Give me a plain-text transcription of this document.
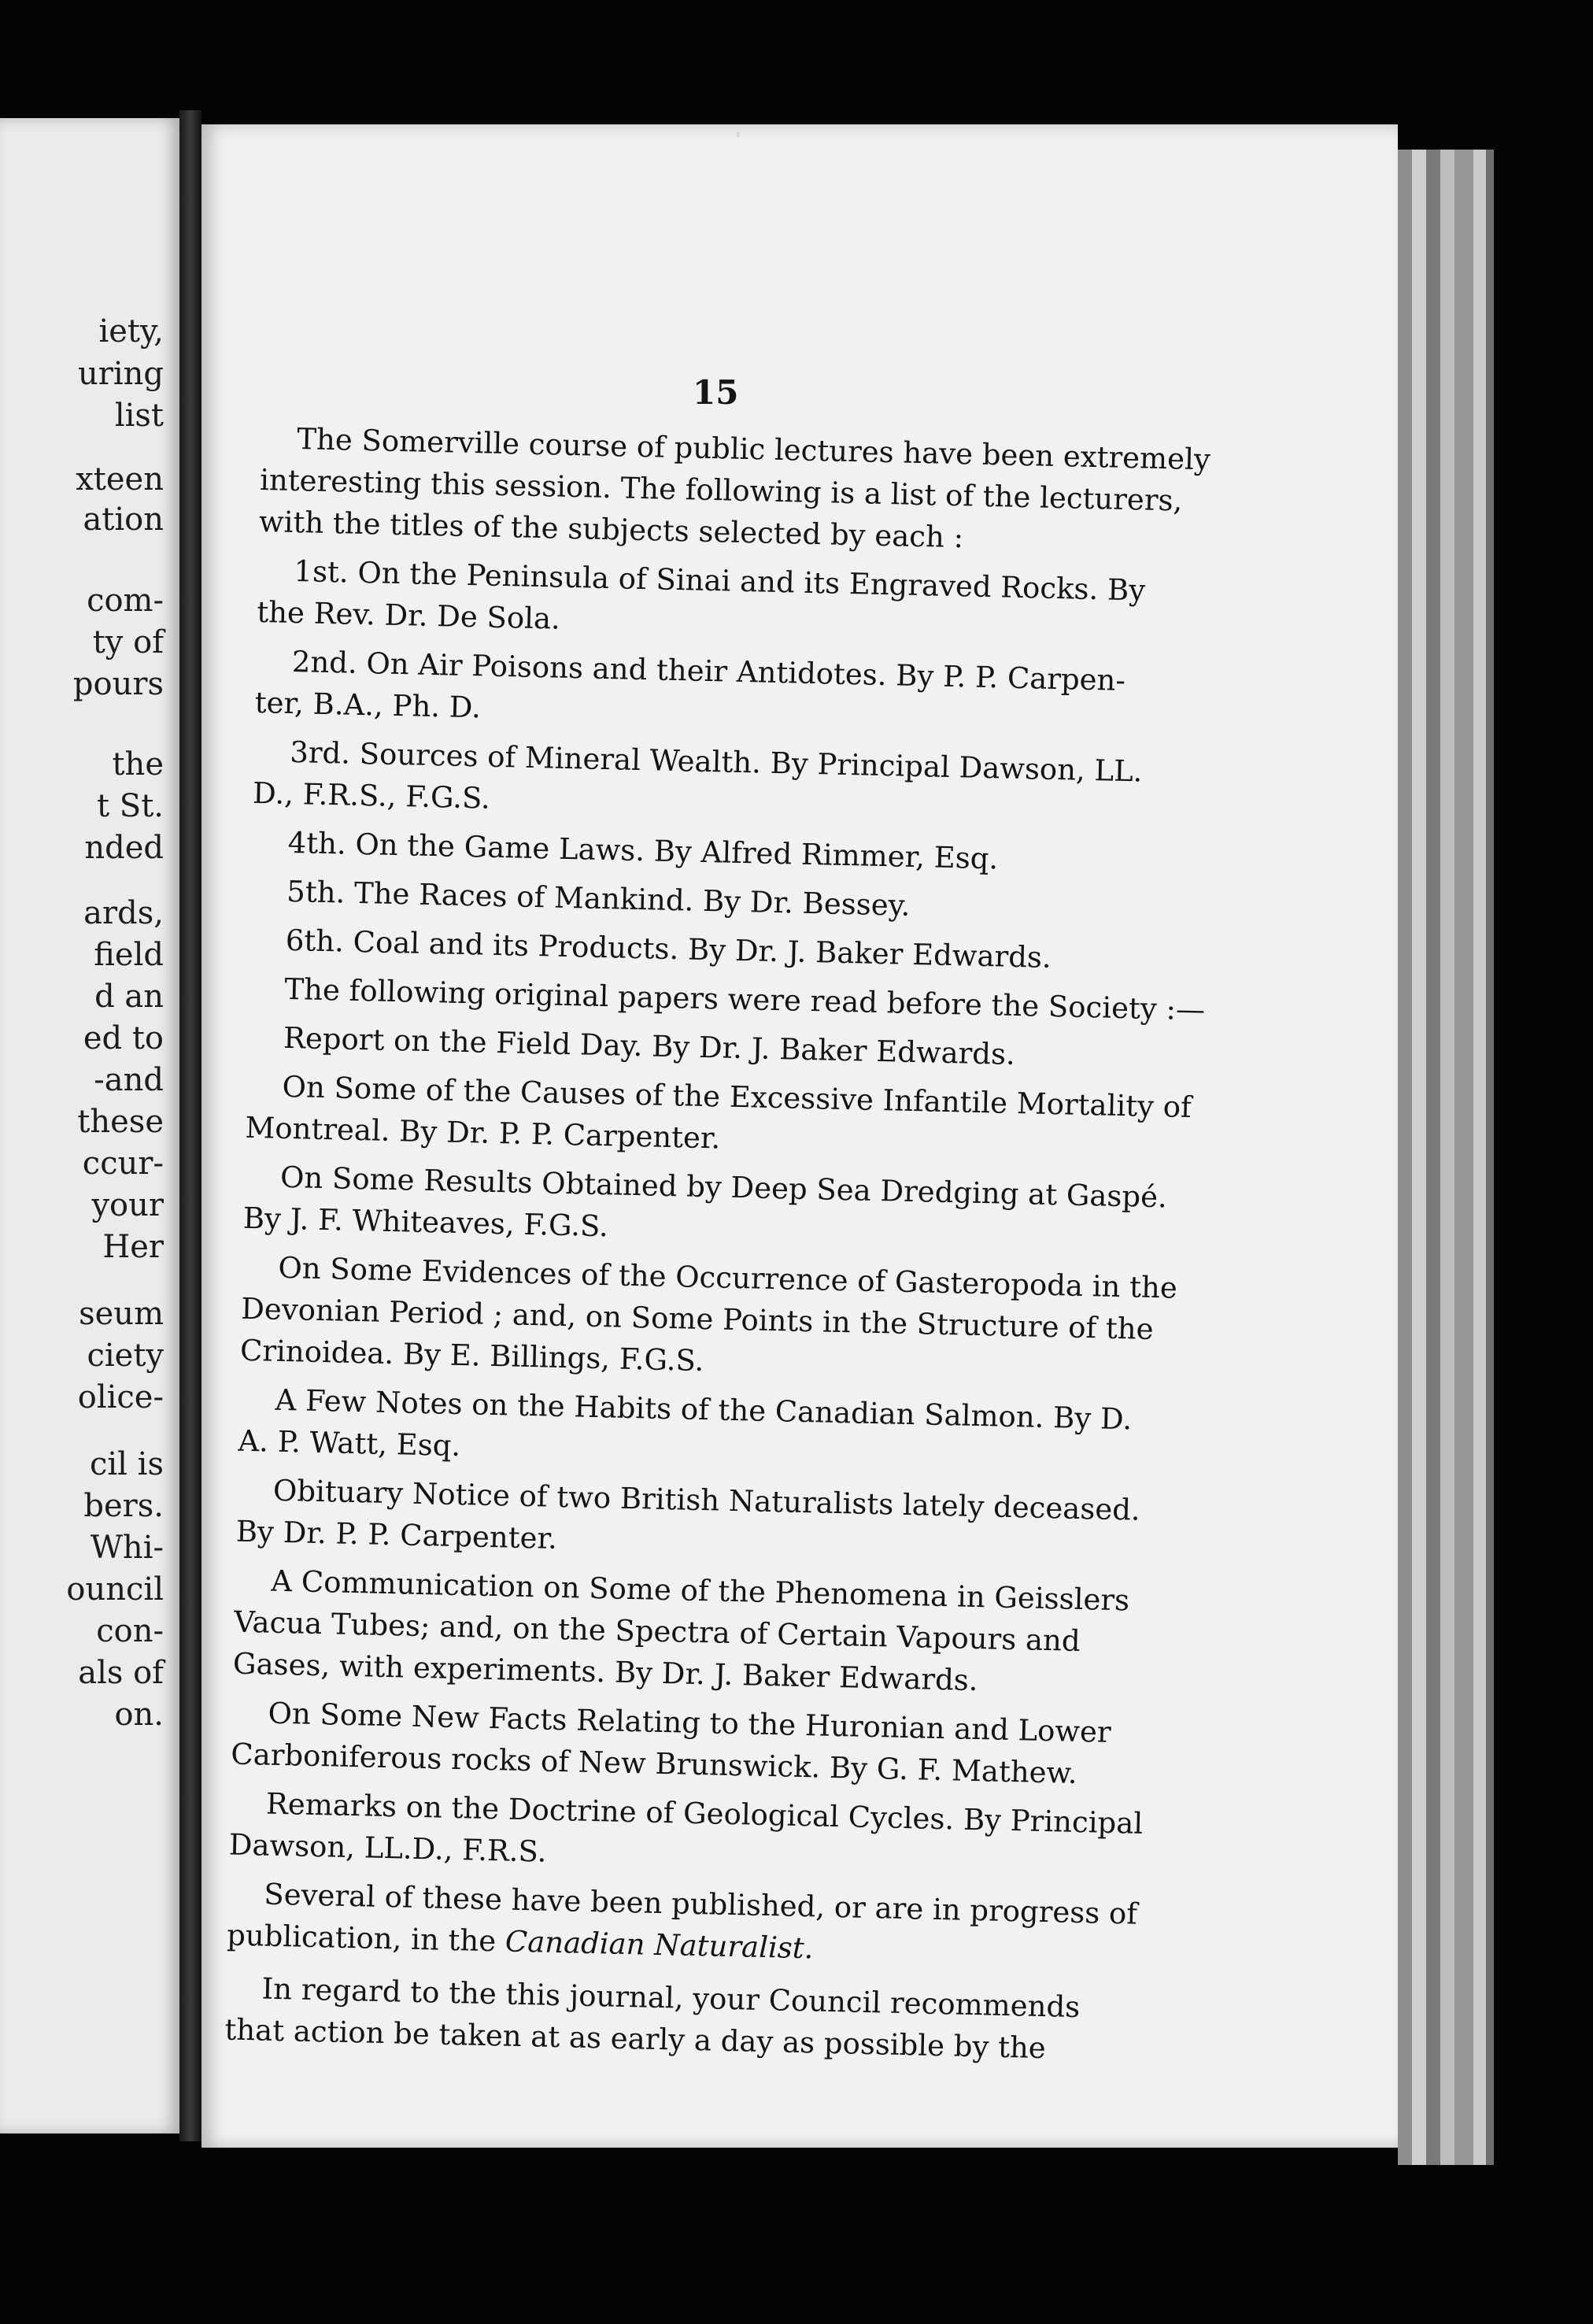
iety,
uring
list
xteen
ation
com-
ty of
pours
the
t St.
nded
ards,
field
d an
ed to
-and
these
ccur-
your
Her
seum
ciety
olice-
cil is
bers.
Whi-
ouncil
con-
als of
on.
15
The Somerville course of public lectures have been extremely
interesting this session. The following is a list of the lecturers,
with the titles of the subjects selected by each :
1st. On the Peninsula of Sinai and its Engraved Rocks. By
the Rev. Dr. De Sola.
2nd. On Air Poisons and their Antidotes. By P. P. Carpen-
ter, B.A., Ph. D.
3rd. Sources of Mineral Wealth. By Principal Dawson, LL.
D., F.R.S., F.G.S.
4th. On the Game Laws. By Alfred Rimmer, Esq.
5th. The Races of Mankind. By Dr. Bessey.
6th. Coal and its Products. By Dr. J. Baker Edwards.
The following original papers were read before the Society :—
Report on the Field Day. By Dr. J. Baker Edwards.
On Some of the Causes of the Excessive Infantile Mortality of
Montreal. By Dr. P. P. Carpenter.
On Some Results Obtained by Deep Sea Dredging at Gaspé.
By J. F. Whiteaves, F.G.S.
On Some Evidences of the Occurrence of Gasteropoda in the
Devonian Period ; and, on Some Points in the Structure of the
Crinoidea. By E. Billings, F.G.S.
A Few Notes on the Habits of the Canadian Salmon. By D.
A. P. Watt, Esq.
Obituary Notice of two British Naturalists lately deceased.
By Dr. P. P. Carpenter.
A Communication on Some of the Phenomena in Geisslers
Vacua Tubes; and, on the Spectra of Certain Vapours and
Gases, with experiments. By Dr. J. Baker Edwards.
On Some New Facts Relating to the Huronian and Lower
Carboniferous rocks of New Brunswick. By G. F. Mathew.
Remarks on the Doctrine of Geological Cycles. By Principal
Dawson, LL.D., F.R.S.
Several of these have been published, or are in progress of
publication, in the Canadian Naturalist.
In regard to the this journal, your Council recommends
that action be taken at as early a day as possible by the
